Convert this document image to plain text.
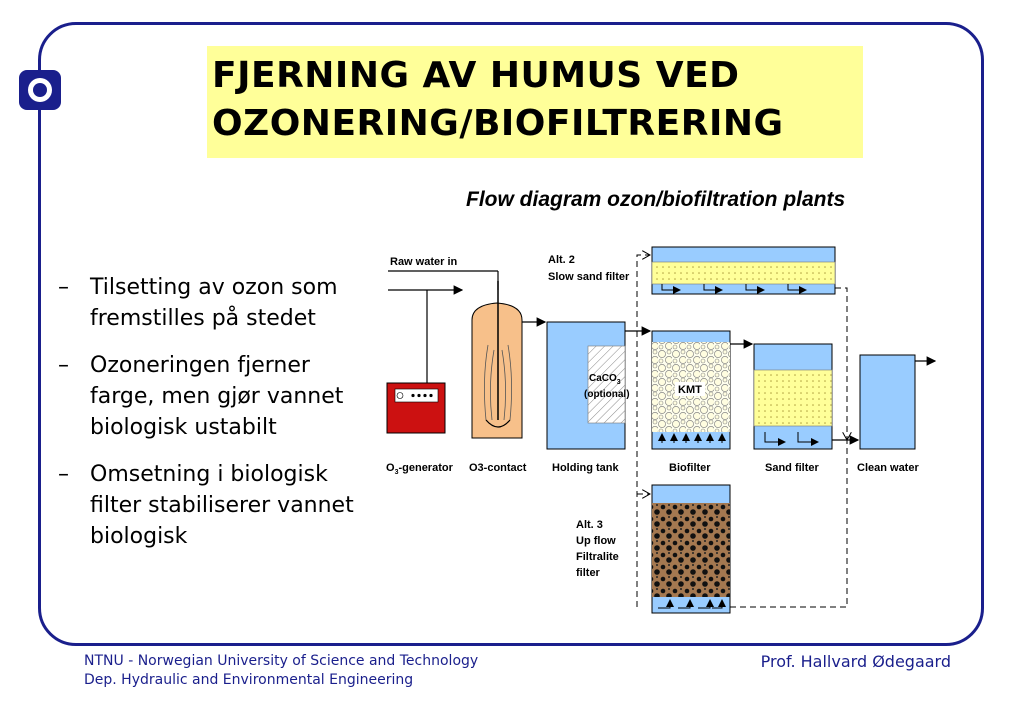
FJERNING AV HUMUS VED
OZONERING/BIOFILTRERING
Flow diagram ozon/biofiltration plants
– Tilsetting av ozon som fremstilles på stedet
– Ozoneringen fjerner farge, men gjør vannet biologisk ustabilt
– Omsetning i biologisk filter stabiliserer vannet biologisk
Raw water in
CaCO$_3$
(optional)	KMT
Alt. 2
Slow sand filter
Alt. 3
Up flow
Filtralite
filter
$O_3$-generator O3-contact Holding tank	Biofilter	Sand filter	Clean water
NTNU - Norwegian University of Science and Technology
Dep. Hydraulic and Environmental Engineering
Prof. Hallvard Ødegaard
